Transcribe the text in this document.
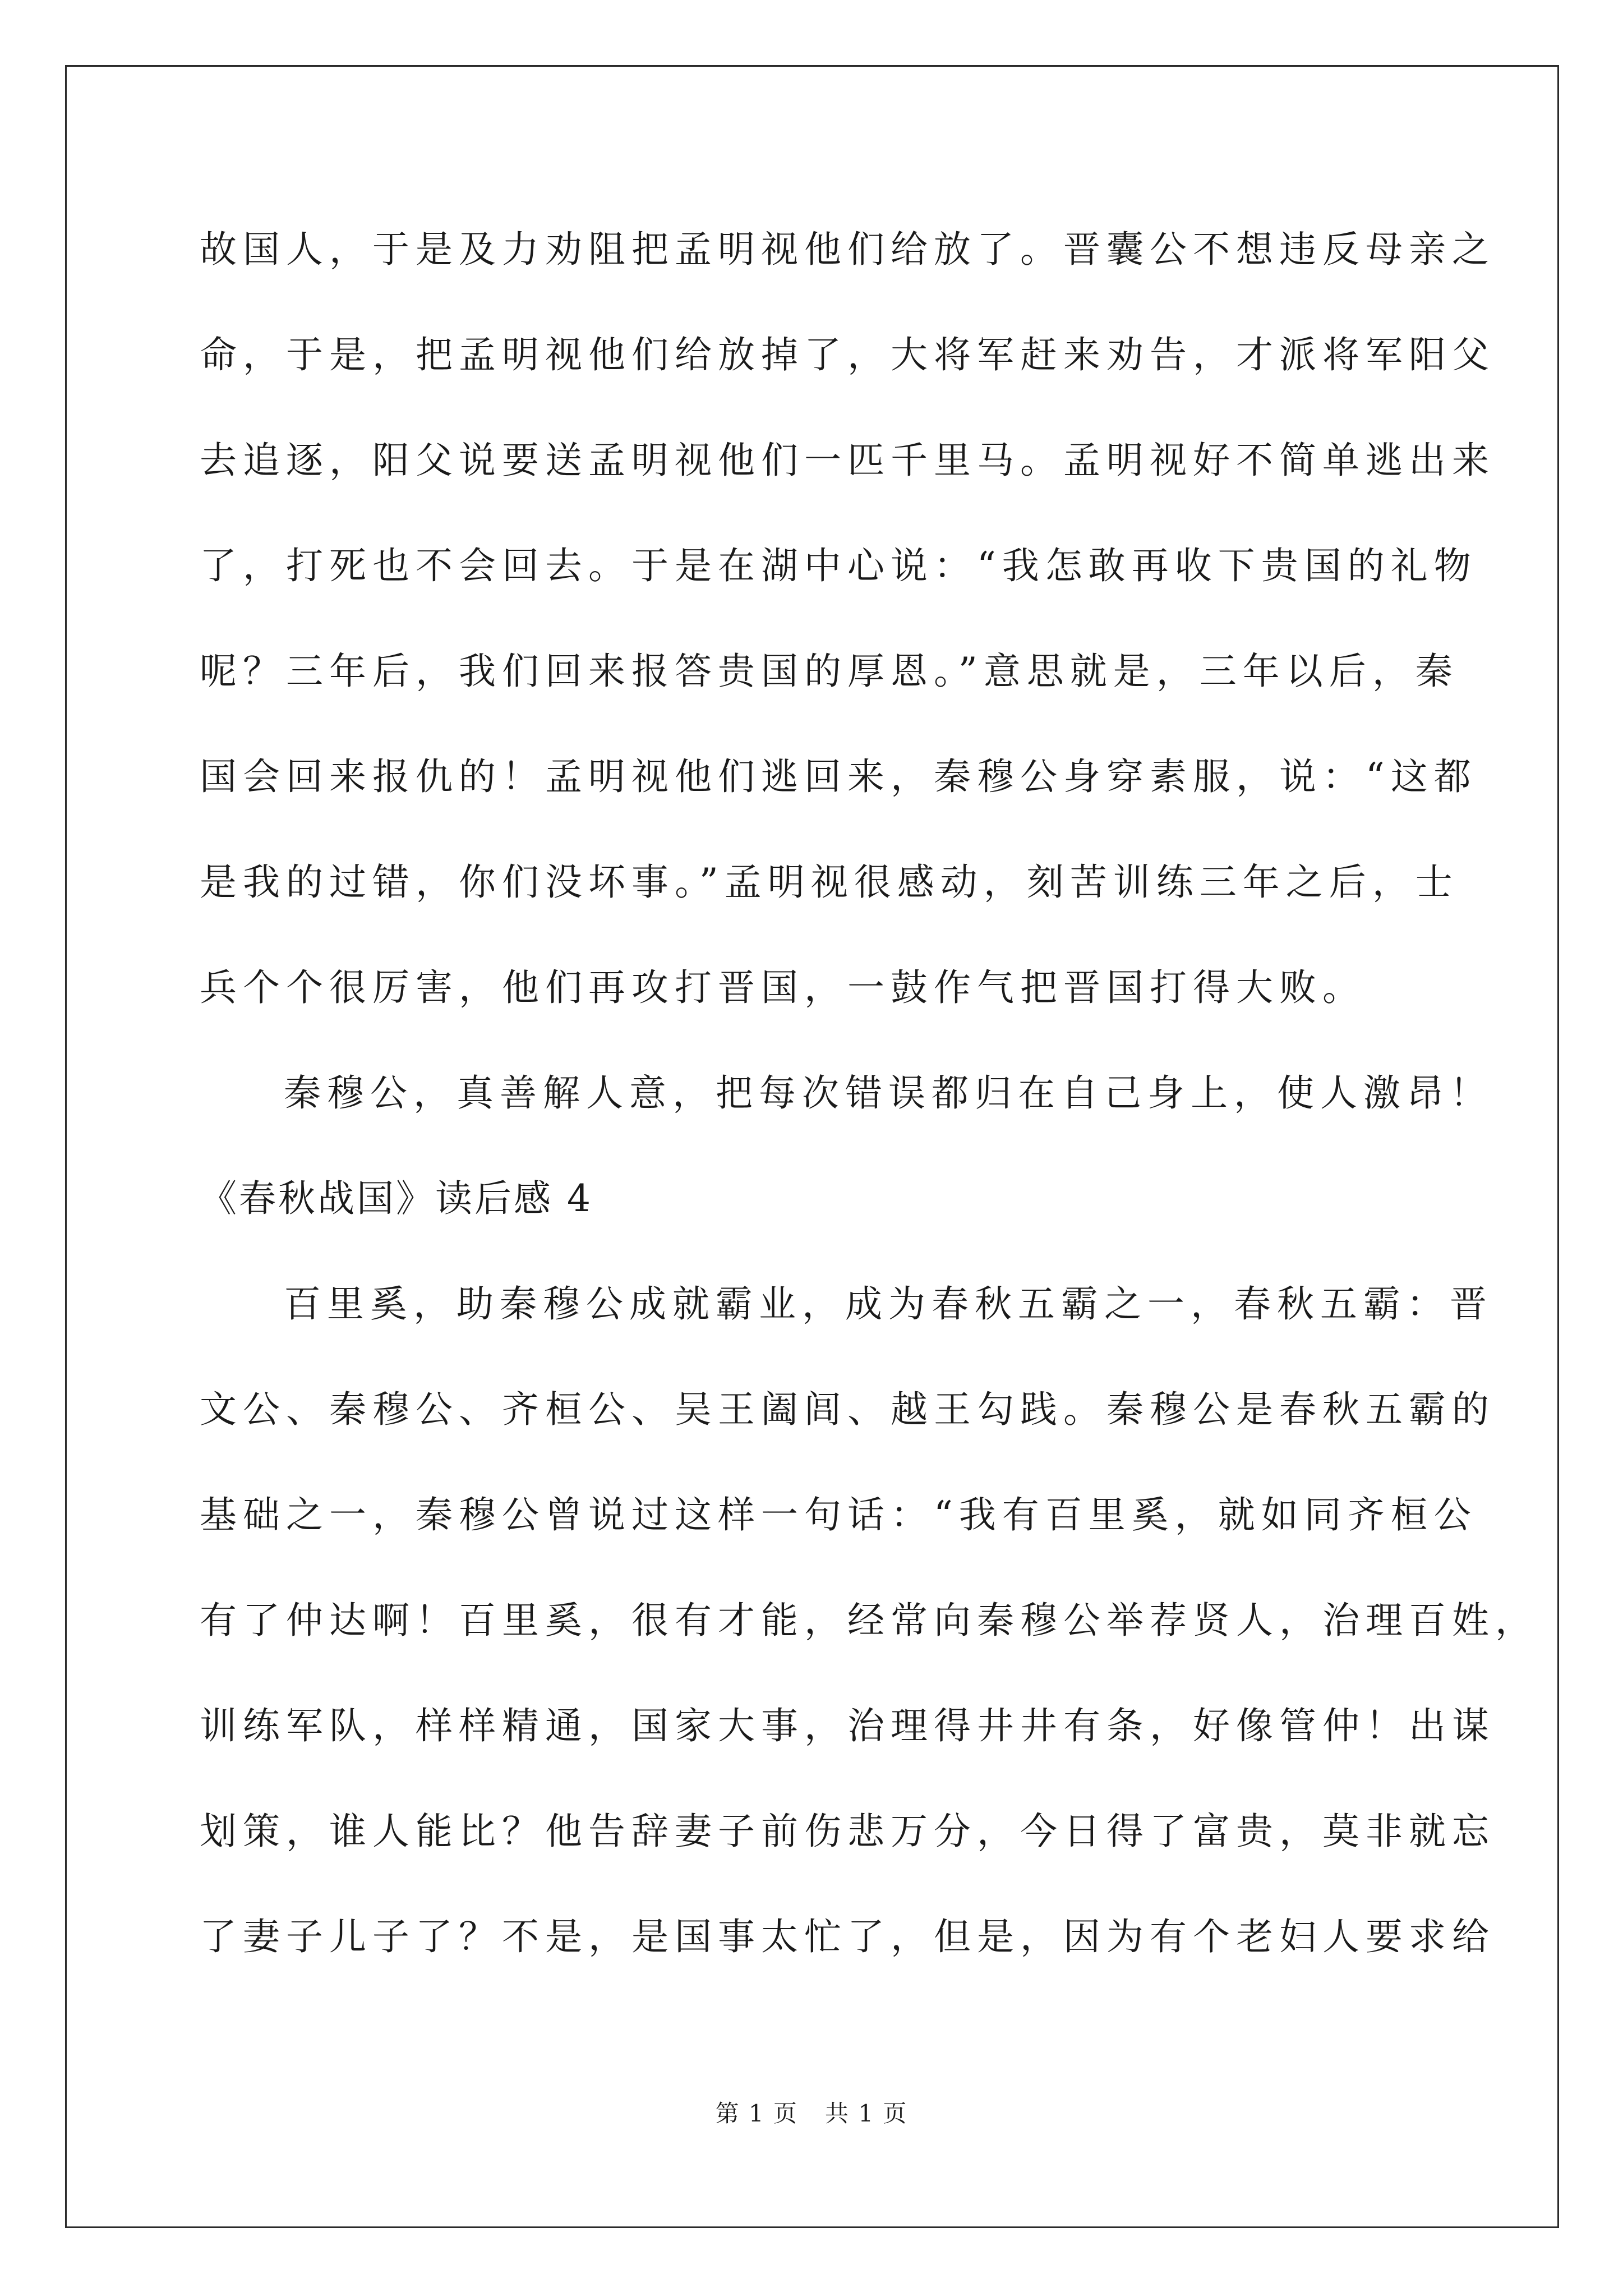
故国人，于是及力劝阻把孟明视他们给放了。晋囊公不想违反母亲之
命，于是，把孟明视他们给放掉了，大将军赶来劝告，才派将军阳父
去追逐，阳父说要送孟明视他们一匹千里马。孟明视好不简单逃出来
了，打死也不会回去。于是在湖中心说：“我怎敢再收下贵国的礼物
呢？三年后，我们回来报答贵国的厚恩。”意思就是，三年以后，秦
国会回来报仇的！孟明视他们逃回来，秦穆公身穿素服，说：“这都
是我的过错，你们没坏事。”孟明视很感动，刻苦训练三年之后，士
兵个个很厉害，他们再攻打晋国，一鼓作气把晋国打得大败。
秦穆公，真善解人意，把每次错误都归在自己身上，使人激昂！
《春秋战国》读后感 4
百里奚，助秦穆公成就霸业，成为春秋五霸之一，春秋五霸：晋
文公、秦穆公、齐桓公、吴王阖闾、越王勾践。秦穆公是春秋五霸的
基础之一，秦穆公曾说过这样一句话：“我有百里奚，就如同齐桓公
有了仲达啊！百里奚，很有才能，经常向秦穆公举荐贤人，治理百姓，
训练军队，样样精通，国家大事，治理得井井有条，好像管仲！出谋
划策，谁人能比？他告辞妻子前伤悲万分，今日得了富贵，莫非就忘
了妻子儿子了？不是，是国事太忙了，但是，因为有个老妇人要求给
第 1 页 共 1 页
